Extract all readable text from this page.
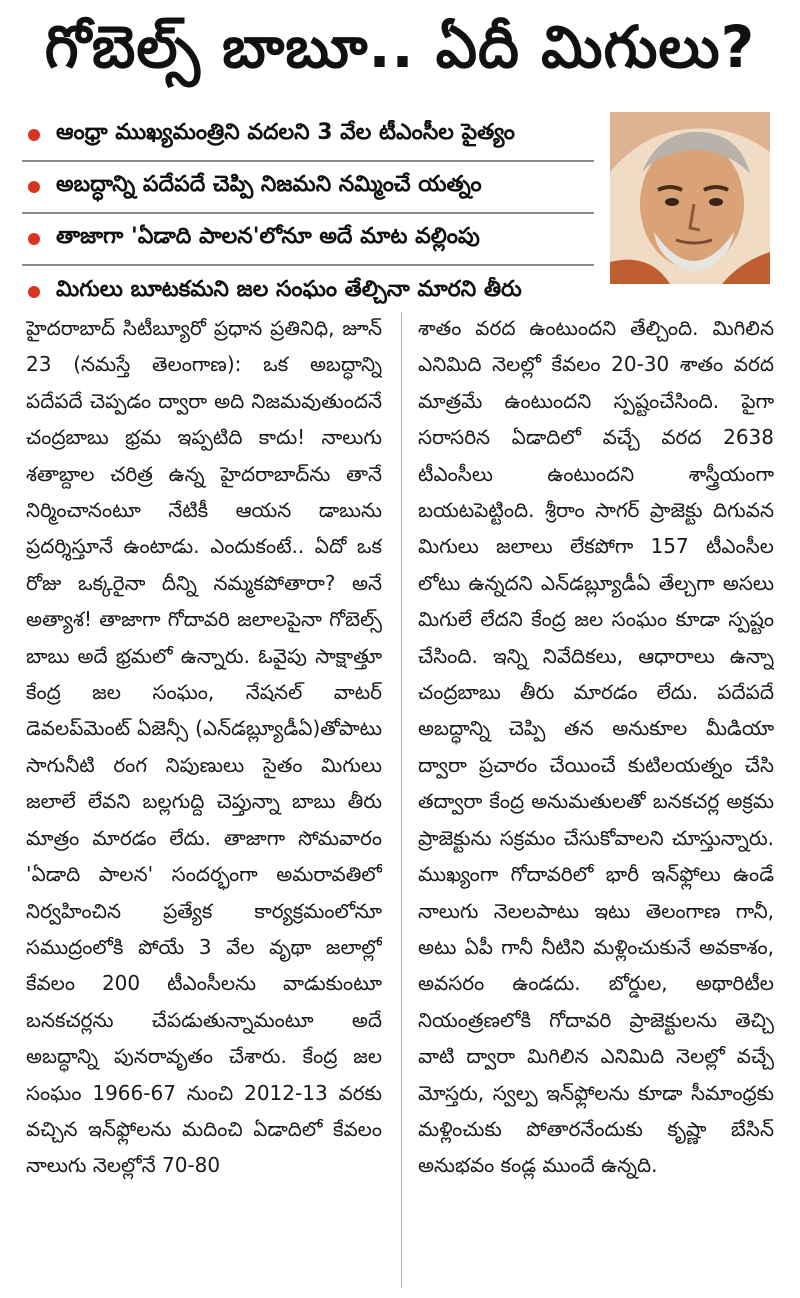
గోబెల్స్ బాబూ.. ఏదీ మిగులు?
ఆంధ్రా ముఖ్యమంత్రిని వదలని 3 వేల టీఎంసీల పైత్యం
అబద్ధాన్ని పదేపదే చెప్పి నిజమని నమ్మించే యత్నం
తాజాగా 'ఏడాది పాలన'లోనూ అదే మాట వల్లింపు
మిగులు బూటకమని జల సంఘం తేల్చినా మారని తీరు
హైదరాబాద్ సిటీబ్యూరో ప్రధాన ప్రతినిధి, జూన్ 23 (నమస్తే తెలంగాణ): ఒక అబద్ధాన్ని పదేపదే చెప్పడం ద్వారా అది నిజమవుతుందనే చంద్రబాబు భ్రమ ఇప్పటిది కాదు! నాలుగు శతాబ్దాల చరిత్ర ఉన్న హైదరాబాద్‌ను తానే నిర్మించానంటూ నేటికీ ఆయన డాబును ప్రదర్శిస్తూనే ఉంటాడు. ఎందుకంటే.. ఏదో ఒక రోజు ఒక్కరైనా దీన్ని నమ్మకపోతారా? అనే అత్యాశ! తాజాగా గోదావరి జలాలపైనా గోబెల్స్ బాబు అదే భ్రమలో ఉన్నారు. ఓవైపు సాక్షాత్తూ కేంద్ర జల సంఘం, నేషనల్ వాటర్ డెవలప్‌మెంట్ ఏజెన్సీ (ఎన్‌డబ్ల్యూడీఏ)తోపాటు సాగునీటి రంగ నిపుణులు సైతం మిగులు జలాలే లేవని బల్లగుద్ది చెప్తున్నా బాబు తీరు మాత్రం మారడం లేదు. తాజాగా సోమవారం 'ఏడాది పాలన' సందర్భంగా అమరావతిలో నిర్వహించిన ప్రత్యేక కార్యక్రమంలోనూ సముద్రంలోకి పోయే 3 వేల వృథా జలాల్లో కేవలం 200 టీఎంసీలను వాడుకుంటూ బనకచర్లను చేపడుతున్నామంటూ అదే అబద్ధాన్ని పునరావృతం చేశారు. కేంద్ర జల సంఘం 1966-67 నుంచి 2012-13 వరకు వచ్చిన ఇన్‌ఫ్లోలను మదించి ఏడాదిలో కేవలం నాలుగు నెలల్లోనే 70-80
శాతం వరద ఉంటుందని తేల్చింది. మిగిలిన ఎనిమిది నెలల్లో కేవలం 20-30 శాతం వరద మాత్రమే ఉంటుందని స్పష్టంచేసింది. పైగా సరాసరిన ఏడాదిలో వచ్చే వరద 2638 టీఎంసీలు ఉంటుందని శాస్త్రీయంగా బయటపెట్టింది. శ్రీరాం సాగర్ ప్రాజెక్టు దిగువన మిగులు జలాలు లేకపోగా 157 టీఎంసీల లోటు ఉన్నదని ఎన్‌డబ్ల్యూడీఏ తేల్చగా అసలు మిగులే లేదని కేంద్ర జల సంఘం కూడా స్పష్టం చేసింది. ఇన్ని నివేదికలు, ఆధారాలు ఉన్నా చంద్రబాబు తీరు మారడం లేదు. పదేపదే అబద్ధాన్ని చెప్పి తన అనుకూల మీడియా ద్వారా ప్రచారం చేయించే కుటిలయత్నం చేసి తద్వారా కేంద్ర అనుమతులతో బనకచర్ల అక్రమ ప్రాజెక్టును సక్రమం చేసుకోవాలని చూస్తున్నారు. ముఖ్యంగా గోదావరిలో భారీ ఇన్‌ఫ్లోలు ఉండే నాలుగు నెలలపాటు ఇటు తెలంగాణ గానీ, అటు ఏపీ గానీ నీటిని మళ్లించుకునే అవకాశం, అవసరం ఉండదు. బోర్డుల, అథారిటీల నియంత్రణలోకి గోదావరి ప్రాజెక్టులను తెచ్చి వాటి ద్వారా మిగిలిన ఎనిమిది నెలల్లో వచ్చే మోస్తరు, స్వల్ప ఇన్‌ఫ్లోలను కూడా సీమాంధ్రకు మళ్లించుకు పోతారనేందుకు కృష్ణా బేసిన్ అనుభవం కండ్ల ముందే ఉన్నది.
